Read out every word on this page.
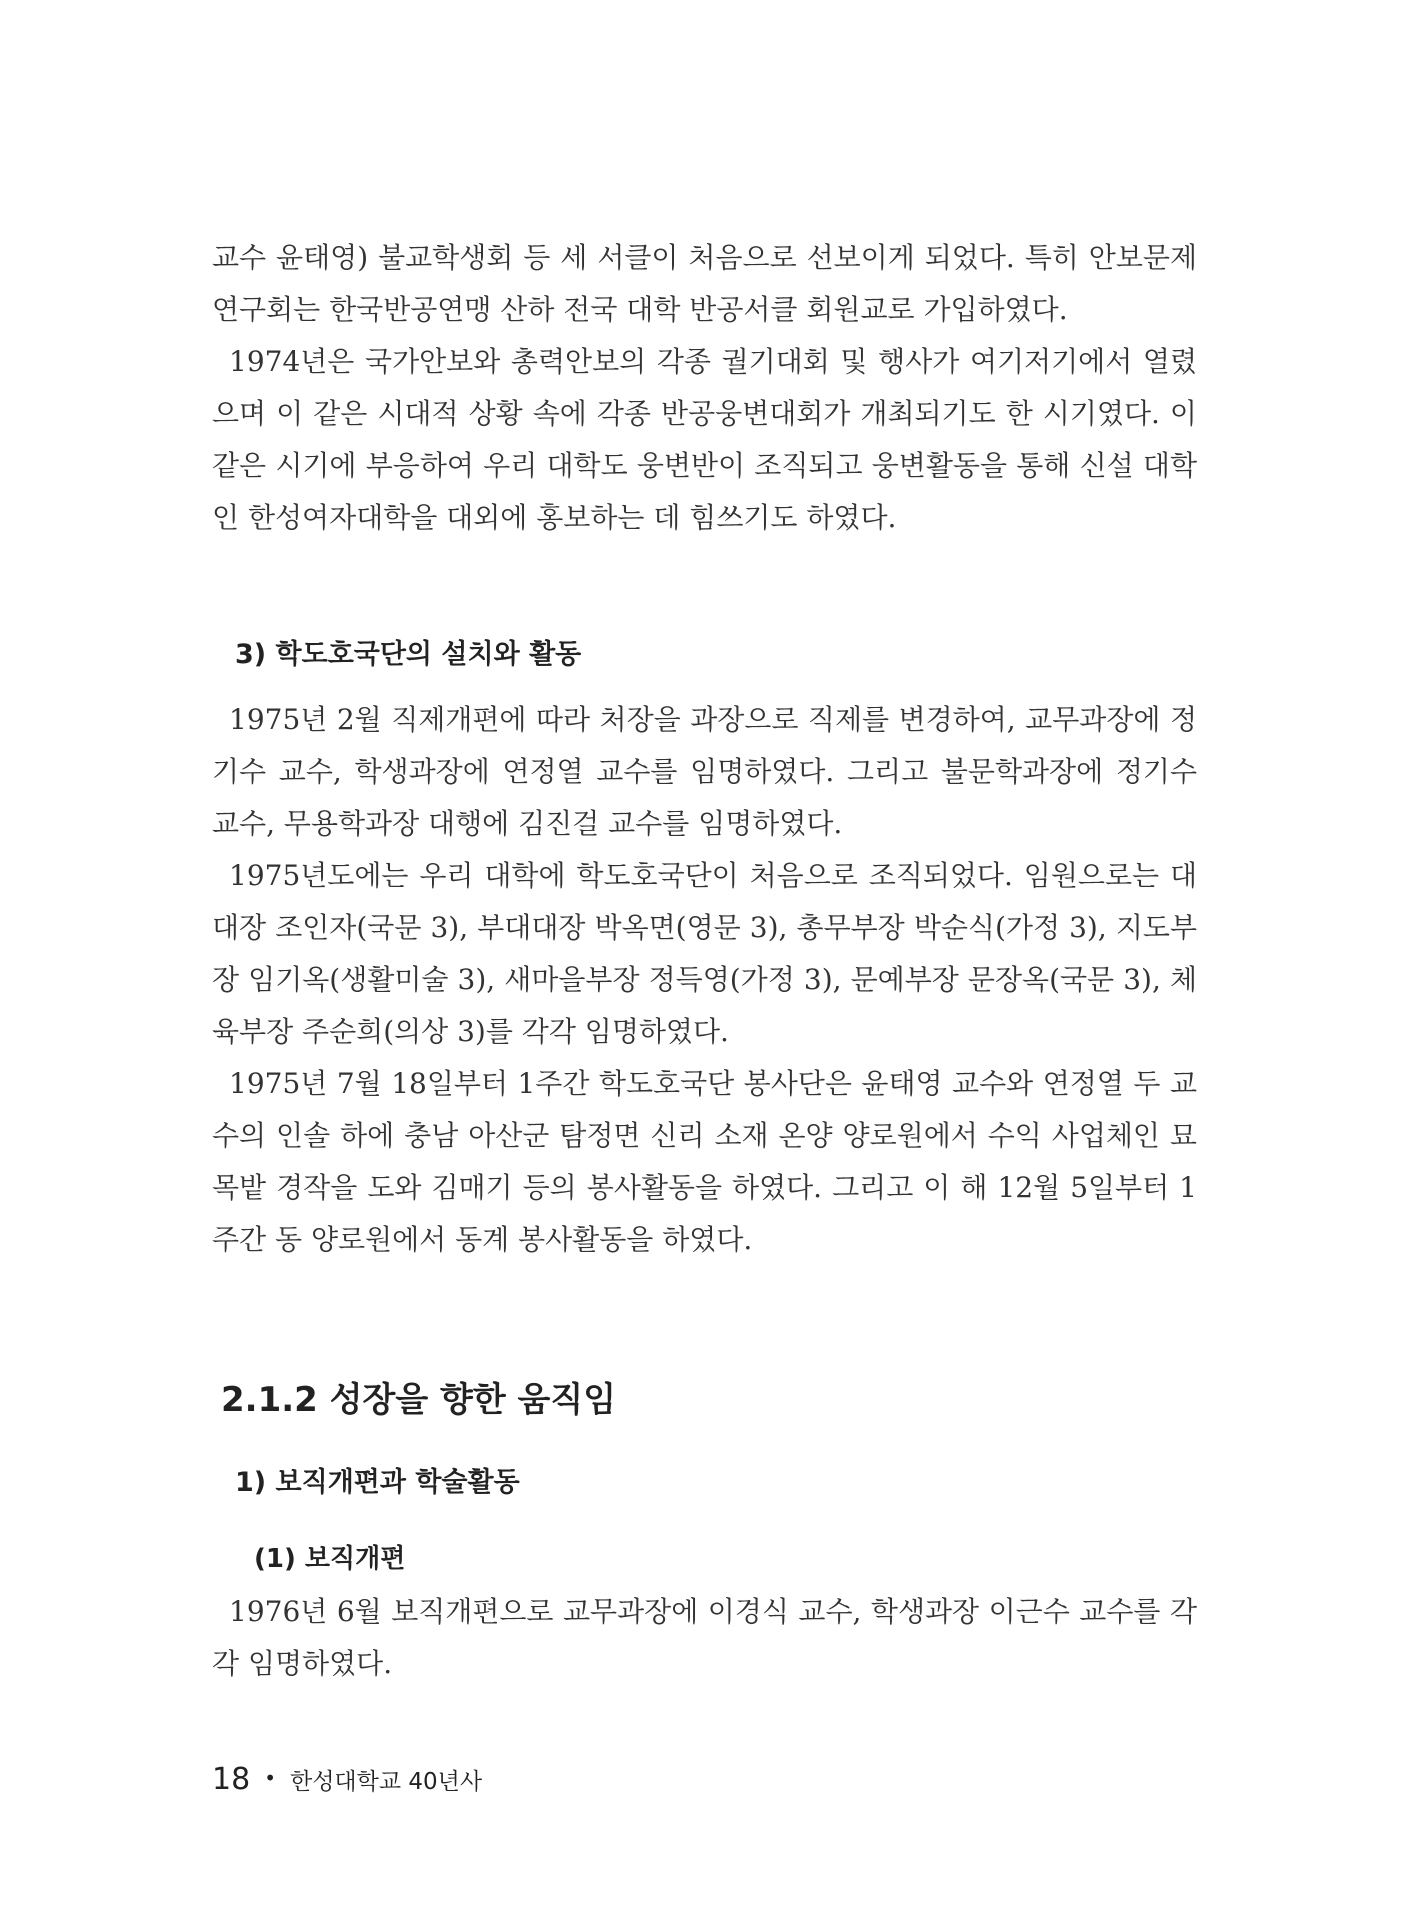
교수 윤태영) 불교학생회 등 세 서클이 처음으로 선보이게 되었다. 특히 안보문제연구회는 한국반공연맹 산하 전국 대학 반공서클 회원교로 가입하였다.

1974년은 국가안보와 총력안보의 각종 궐기대회 및 행사가 여기저기에서 열렸으며 이 같은 시대적 상황 속에 각종 반공웅변대회가 개최되기도 한 시기였다. 이 같은 시기에 부응하여 우리 대학도 웅변반이 조직되고 웅변활동을 통해 신설 대학인 한성여자대학을 대외에 홍보하는 데 힘쓰기도 하였다.

3) 학도호국단의 설치와 활동

1975년 2월 직제개편에 따라 처장을 과장으로 직제를 변경하여, 교무과장에 정기수 교수, 학생과장에 연정열 교수를 임명하였다. 그리고 불문학과장에 정기수 교수, 무용학과장 대행에 김진걸 교수를 임명하였다.

1975년도에는 우리 대학에 학도호국단이 처음으로 조직되었다. 임원으로는 대대장 조인자(국문 3), 부대대장 박옥면(영문 3), 총무부장 박순식(가정 3), 지도부장 임기옥(생활미술 3), 새마을부장 정득영(가정 3), 문예부장 문장옥(국문 3), 체육부장 주순희(의상 3)를 각각 임명하였다.

1975년 7월 18일부터 1주간 학도호국단 봉사단은 윤태영 교수와 연정열 두 교수의 인솔 하에 충남 아산군 탐정면 신리 소재 온양 양로원에서 수익 사업체인 묘목밭 경작을 도와 김매기 등의 봉사활동을 하였다. 그리고 이 해 12월 5일부터 1주간 동 양로원에서 동계 봉사활동을 하였다.

2.1.2 성장을 향한 움직임
1) 보직개편과 학술활동
(1) 보직개편

1976년 6월 보직개편으로 교무과장에 이경식 교수, 학생과장 이근수 교수를 각각 임명하였다.

18 • 한성대학교 40년사
